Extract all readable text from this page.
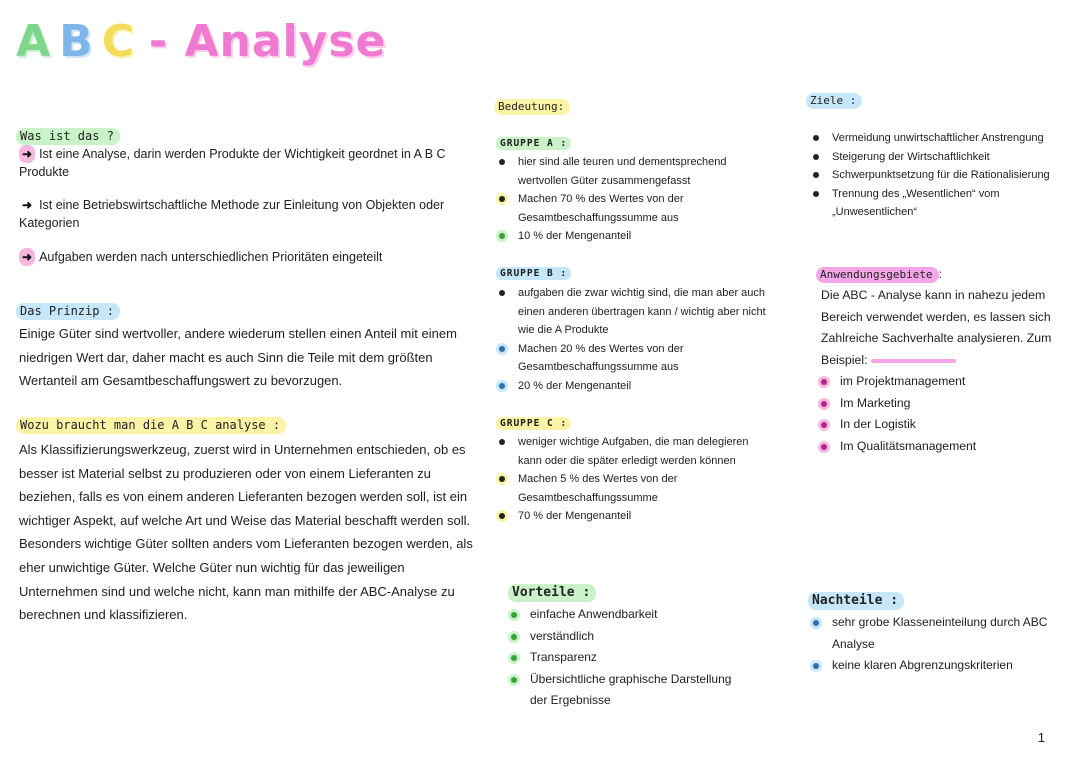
A B C - Analyse
Was ist das ?
➜ Ist eine Analyse, darin werden Produkte der Wichtigkeit geordnet in A B C Produkte
➜ Ist eine Betriebswirtschaftliche Methode zur Einleitung von Objekten oder Kategorien
➜ Aufgaben werden nach unterschiedlichen Prioritäten eingeteilt
Das Prinzip :
Einige Güter sind wertvoller, andere wiederum stellen einen Anteil mit einem niedrigen Wert dar, daher macht es auch Sinn die Teile mit dem größten Wertanteil am Gesamtbeschaffungswert zu bevorzugen.
Wozu braucht man die A B C analyse :
Als Klassifizierungswerkzeug, zuerst wird in Unternehmen entschieden, ob es besser ist Material selbst zu produzieren oder von einem Lieferanten zu beziehen, falls es von einem anderen Lieferanten bezogen werden soll, ist ein wichtiger Aspekt, auf welche Art und Weise das Material beschafft werden soll. Besonders wichtige Güter sollten anders vom Lieferanten bezogen werden, als eher unwichtige Güter. Welche Güter nun wichtig für das jeweiligen Unternehmen sind und welche nicht, kann man mithilfe der ABC-Analyse zu berechnen und klassifizieren.
Bedeutung:
GRUPPE A :
hier sind alle teuren und dementsprechend wertvollen Güter zusammengefasst
Machen 70 % des Wertes von der Gesamtbeschaffungssumme aus
10 % der Mengenanteil
GRUPPE B :
aufgaben die zwar wichtig sind, die man aber auch einen anderen übertragen kann / wichtig aber nicht wie die A Produkte
Machen 20 % des Wertes von der Gesamtbeschaffungssumme aus
20 % der Mengenanteil
GRUPPE C :
weniger wichtige Aufgaben, die man delegieren kann oder die später erledigt werden können
Machen 5 % des Wertes von der Gesamtbeschaffungssumme
70 % der Mengenanteil
Vorteile :
einfache Anwendbarkeit
verständlich
Transparenz
Übersichtliche graphische Darstellung der Ergebnisse
Ziele :
Vermeidung unwirtschaftlicher Anstrengung
Steigerung der Wirtschaftlichkeit
Schwerpunktsetzung für die Rationalisierung
Trennung des „Wesentlichen“ vom „Unwesentlichen“
Anwendungsgebiete :
Die ABC - Analyse kann in nahezu jedem Bereich verwendet werden, es lassen sich Zahlreiche Sachverhalte analysieren. Zum
Beispiel:
im Projektmanagement
Im Marketing
In der Logistik
Im Qualitätsmanagement
Nachteile :
sehr grobe Klasseneinteilung durch ABC Analyse
keine klaren Abgrenzungskriterien
1
